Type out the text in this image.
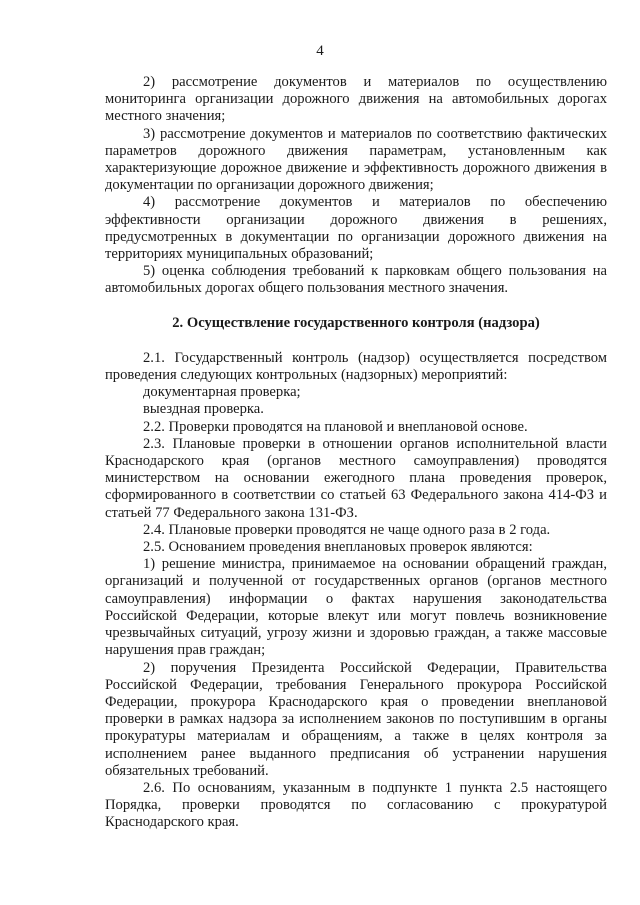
4

2) рассмотрение документов и материалов по осуществлению мониторинга организации дорожного движения на автомобильных дорогах местного значения;

3) рассмотрение документов и материалов по соответствию фактических параметров дорожного движения параметрам, установленным как характеризующие дорожное движение и эффективность дорожного движения в документации по организации дорожного движения;

4) рассмотрение документов и материалов по обеспечению эффективности организации дорожного движения в решениях, предусмотренных в документации по организации дорожного движения на территориях муниципальных образований;

5) оценка соблюдения требований к парковкам общего пользования на автомобильных дорогах общего пользования местного значения.

2. Осуществление государственного контроля (надзора)

2.1. Государственный контроль (надзор) осуществляется посредством проведения следующих контрольных (надзорных) мероприятий:

документарная проверка;

выездная проверка.

2.2. Проверки проводятся на плановой и внеплановой основе.

2.3. Плановые проверки в отношении органов исполнительной власти Краснодарского края (органов местного самоуправления) проводятся министерством на основании ежегодного плана проведения проверок, сформированного в соответствии со статьей 63 Федерального закона 414-ФЗ и статьей 77 Федерального закона 131-ФЗ.

2.4. Плановые проверки проводятся не чаще одного раза в 2 года.

2.5. Основанием проведения внеплановых проверок являются:

1) решение министра, принимаемое на основании обращений граждан, организаций и полученной от государственных органов (органов местного самоуправления) информации о фактах нарушения законодательства Российской Федерации, которые влекут или могут повлечь возникновение чрезвычайных ситуаций, угрозу жизни и здоровью граждан, а также массовые нарушения прав граждан;

2) поручения Президента Российской Федерации, Правительства Российской Федерации, требования Генерального прокурора Российской Федерации, прокурора Краснодарского края о проведении внеплановой проверки в рамках надзора за исполнением законов по поступившим в органы прокуратуры материалам и обращениям, а также в целях контроля за исполнением ранее выданного предписания об устранении нарушения обязательных требований.

2.6. По основаниям, указанным в подпункте 1 пункта 2.5 настоящего Порядка, проверки проводятся по согласованию с прокуратурой Краснодарского края.
